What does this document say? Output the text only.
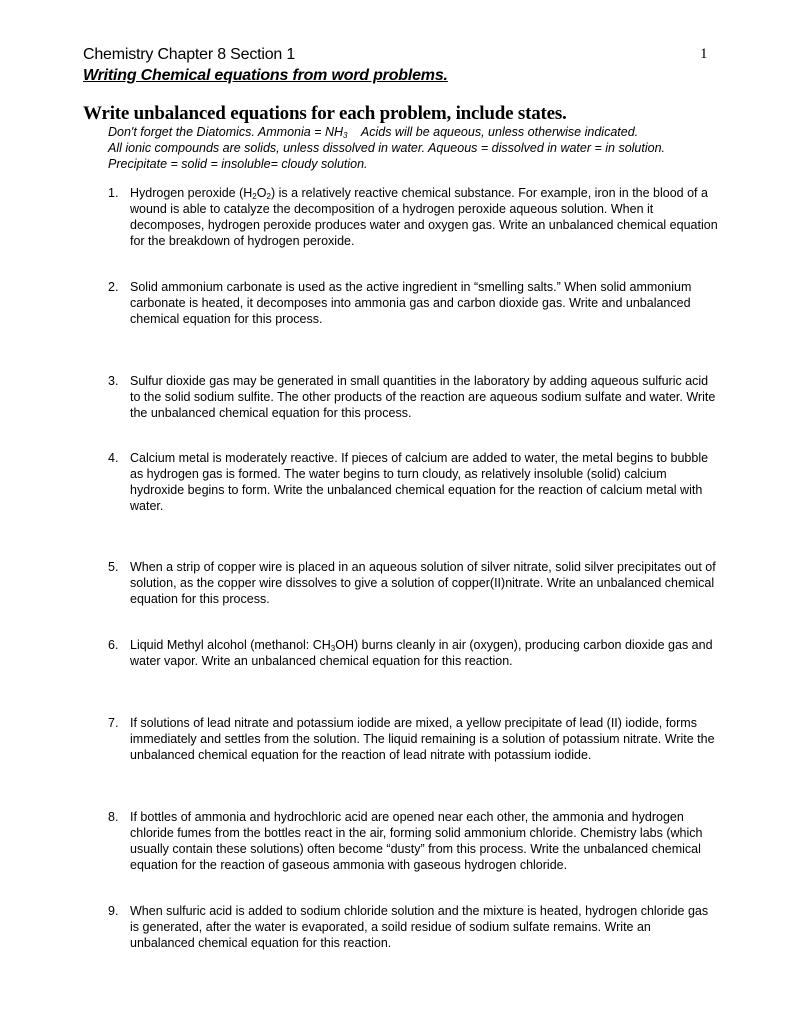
Chemistry Chapter 8 Section 1	1
Writing Chemical equations from word problems.
Write unbalanced equations for each problem, include states.
Don't forget the Diatomics. Ammonia = $NH_3$    Acids will be aqueous, unless otherwise indicated.
All ionic compounds are solids, unless dissolved in water. Aqueous = dissolved in water = in solution.
Precipitate = solid = insoluble= cloudy solution.
1. Hydrogen peroxide $(H_2O_2)$ is a relatively reactive chemical substance. For example, iron in the blood of a wound is able to catalyze the decomposition of a hydrogen peroxide aqueous solution. When it decomposes, hydrogen peroxide produces water and oxygen gas. Write an unbalanced chemical equation for the breakdown of hydrogen peroxide.
2. Solid ammonium carbonate is used as the active ingredient in “smelling salts.” When solid ammonium carbonate is heated, it decomposes into ammonia gas and carbon dioxide gas. Write and unbalanced chemical equation for this process.
3. Sulfur dioxide gas may be generated in small quantities in the laboratory by adding aqueous sulfuric acid to the solid sodium sulfite. The other products of the reaction are aqueous sodium sulfate and water. Write the unbalanced chemical equation for this process.
4. Calcium metal is moderately reactive. If pieces of calcium are added to water, the metal begins to bubble as hydrogen gas is formed. The water begins to turn cloudy, as relatively insoluble (solid) calcium hydroxide begins to form. Write the unbalanced chemical equation for the reaction of calcium metal with water.
5. When a strip of copper wire is placed in an aqueous solution of silver nitrate, solid silver precipitates out of solution, as the copper wire dissolves to give a solution of copper(II)nitrate. Write an unbalanced chemical equation for this process.
6. Liquid Methyl alcohol (methanol: $CH_3OH$) burns cleanly in air (oxygen), producing carbon dioxide gas and water vapor. Write an unbalanced chemical equation for this reaction.
7. If solutions of lead nitrate and potassium iodide are mixed, a yellow precipitate of lead (II) iodide, forms immediately and settles from the solution. The liquid remaining is a solution of potassium nitrate. Write the unbalanced chemical equation for the reaction of lead nitrate with potassium iodide.
8. If bottles of ammonia and hydrochloric acid are opened near each other, the ammonia and hydrogen chloride fumes from the bottles react in the air, forming solid ammonium chloride. Chemistry labs (which usually contain these solutions) often become “dusty” from this process. Write the unbalanced chemical equation for the reaction of gaseous ammonia with gaseous hydrogen chloride.
9. When sulfuric acid is added to sodium chloride solution and the mixture is heated, hydrogen chloride gas is generated, after the water is evaporated, a soild residue of sodium sulfate remains. Write an unbalanced chemical equation for this reaction.
